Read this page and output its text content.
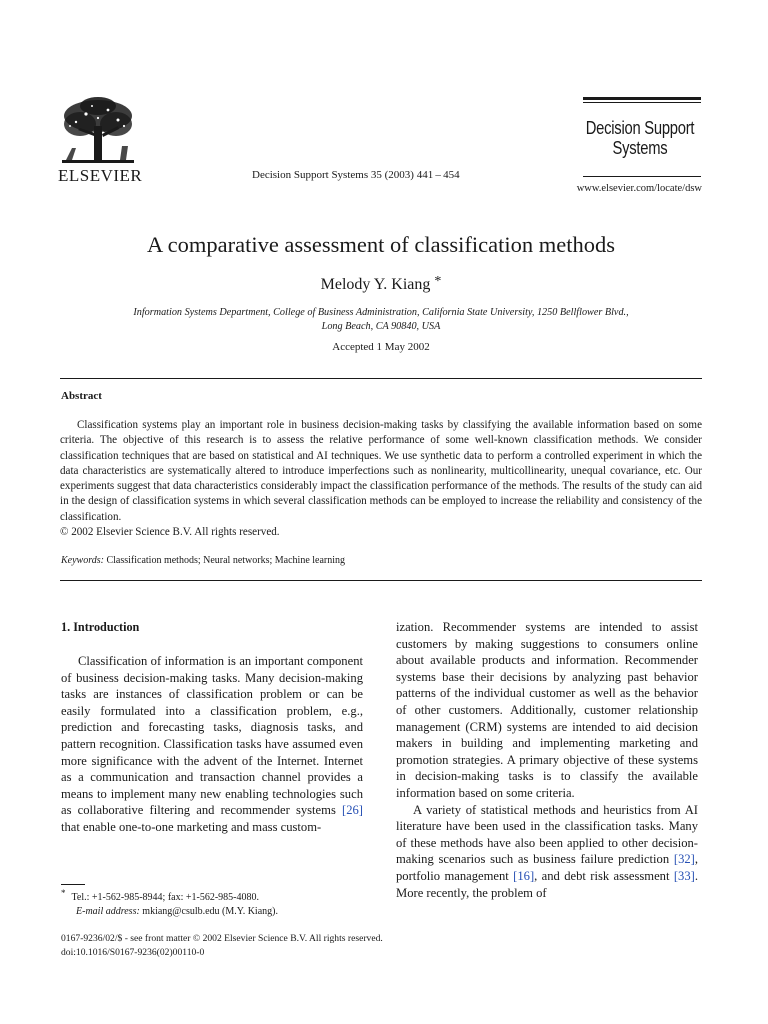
ELSEVIER	Decision Support Systems 35 (2003) 441 – 454
Decision Support
Systems
www.elsevier.com/locate/dsw
A comparative assessment of classification methods
Melody Y. Kiang *
Information Systems Department, College of Business Administration, California State University, 1250 Bellflower Blvd.,
Long Beach, CA 90840, USA
Accepted 1 May 2002
Abstract

Classification systems play an important role in business decision-making tasks by classifying the available information based on some criteria. The objective of this research is to assess the relative performance of some well-known classification methods. We consider classification techniques that are based on statistical and AI techniques. We use synthetic data to perform a controlled experiment in which the data characteristics are systematically altered to introduce imperfections such as nonlinearity, multicollinearity, unequal covariance, etc. Our experiments suggest that data characteristics considerably impact the classification performance of the methods. The results of the study can aid in the design of classification systems in which several classification methods can be employed to increase the reliability and consistency of the classification.

© 2002 Elsevier Science B.V. All rights reserved.

Keywords: Classification methods; Neural networks; Machine learning
1. Introduction

Classification of information is an important component of business decision-making tasks. Many decision-making tasks are instances of classification problem or can be easily formulated into a classification problem, e.g., prediction and forecasting tasks, diagnosis tasks, and pattern recognition. Classification tasks have assumed even more significance with the advent of the Internet. Internet as a communication and transaction channel provides a means to implement many new enabling technologies such as collaborative filtering and recommender systems [26] that enable one-to-one marketing and mass custom-

ization. Recommender systems are intended to assist customers by making suggestions to consumers online about available products and information. Recommender systems base their decisions by analyzing past behavior patterns of the individual customer as well as the behavior of other customers. Additionally, customer relationship management (CRM) systems are intended to aid decision makers in building and implementing marketing and promotion strategies. A primary objective of these systems in decision-making tasks is to classify the available information based on some criteria.

A variety of statistical methods and heuristics from AI literature have been used in the classification tasks. Many of these methods have also been applied to other decision-making scenarios such as business failure prediction [32], portfolio management [16], and debt risk assessment [33]. More recently, the problem of

* Tel.: +1-562-985-8944; fax: +1-562-985-4080.
E-mail address: mkiang@csulb.edu (M.Y. Kiang).
0167-9236/02/$ - see front matter © 2002 Elsevier Science B.V. All rights reserved.
doi:10.1016/S0167-9236(02)00110-0
